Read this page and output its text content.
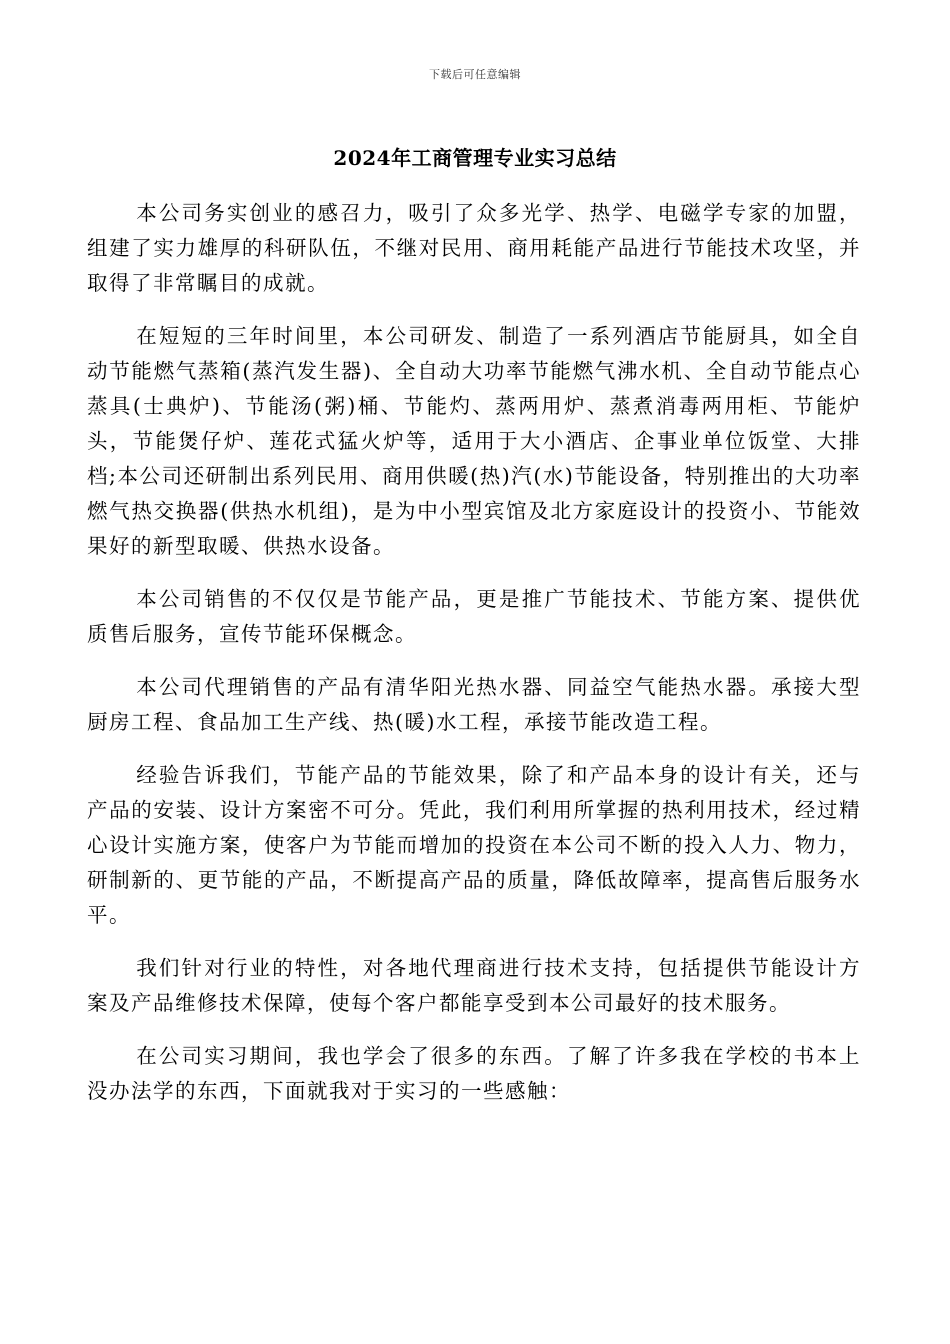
下载后可任意编辑
2024年工商管理专业实习总结

本公司务实创业的感召力，吸引了众多光学、热学、电磁学专家的加盟，组建了实力雄厚的科研队伍，不继对民用、商用耗能产品进行节能技术攻坚，并取得了非常瞩目的成就。

在短短的三年时间里，本公司研发、制造了一系列酒店节能厨具，如全自动节能燃气蒸箱(蒸汽发生器)、全自动大功率节能燃气沸水机、全自动节能点心蒸具(士典炉)、节能汤(粥)桶、节能灼、蒸两用炉、蒸煮消毒两用柜、节能炉头，节能煲仔炉、莲花式猛火炉等，适用于大小酒店、企事业单位饭堂、大排档;本公司还研制出系列民用、商用供暖(热)汽(水)节能设备，特别推出的大功率燃气热交换器(供热水机组)，是为中小型宾馆及北方家庭设计的投资小、节能效果好的新型取暖、供热水设备。

本公司销售的不仅仅是节能产品，更是推广节能技术、节能方案、提供优质售后服务，宣传节能环保概念。

本公司代理销售的产品有清华阳光热水器、同益空气能热水器。承接大型厨房工程、食品加工生产线、热(暖)水工程，承接节能改造工程。

经验告诉我们，节能产品的节能效果，除了和产品本身的设计有关，还与产品的安装、设计方案密不可分。凭此，我们利用所掌握的热利用技术，经过精心设计实施方案，使客户为节能而增加的投资在本公司不断的投入人力、物力，研制新的、更节能的产品，不断提高产品的质量，降低故障率，提高售后服务水平。

我们针对行业的特性，对各地代理商进行技术支持，包括提供节能设计方案及产品维修技术保障，使每个客户都能享受到本公司最好的技术服务。

在公司实习期间，我也学会了很多的东西。了解了许多我在学校的书本上没办法学的东西，下面就我对于实习的一些感触：
